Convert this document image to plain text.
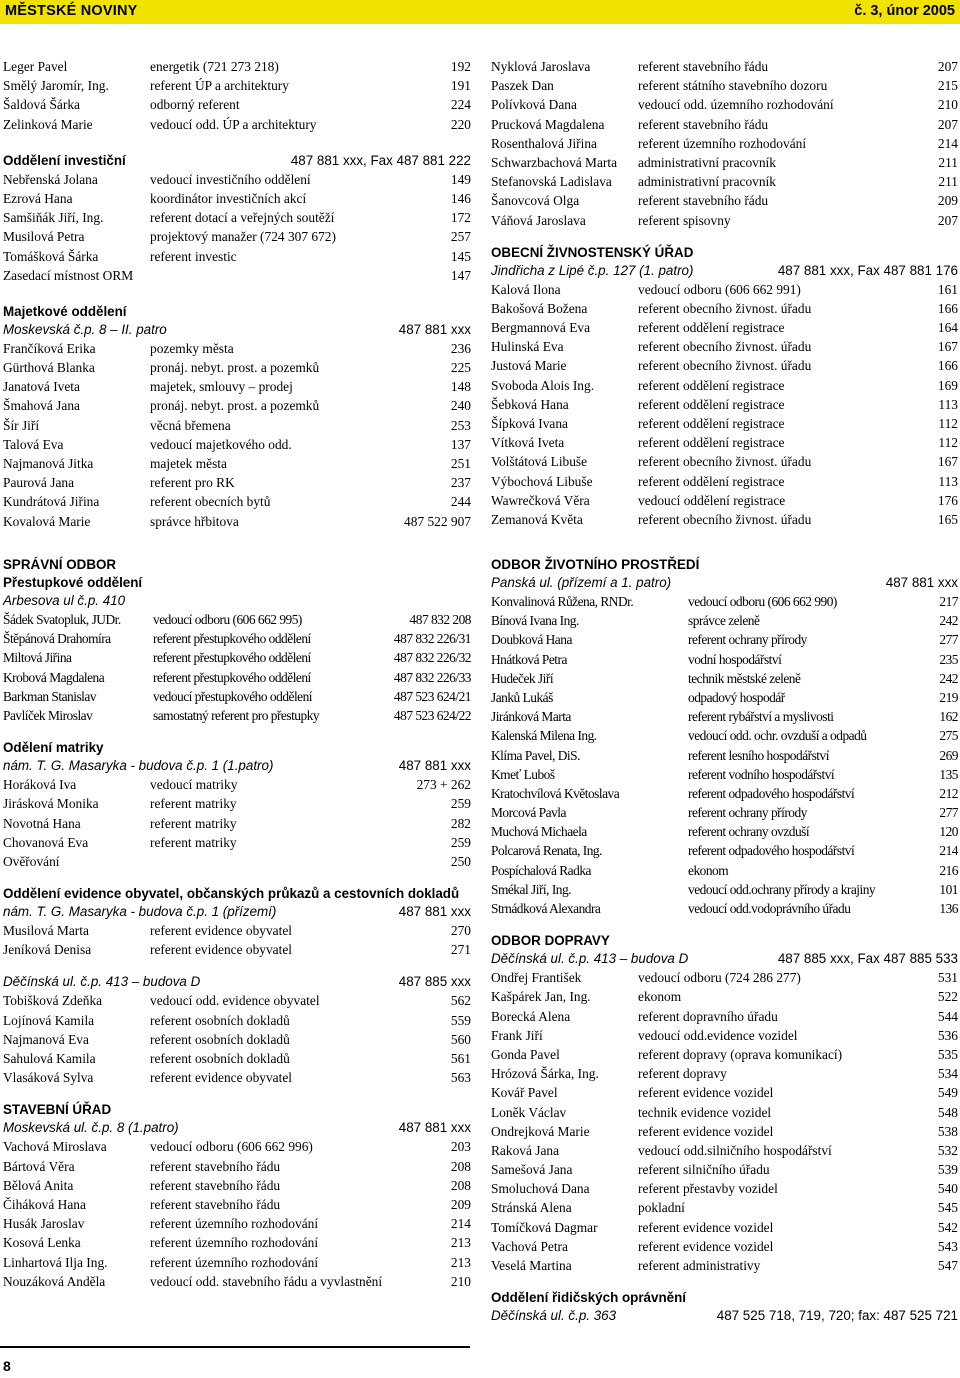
MĚSTSKÉ NOVINY	č. 3, únor 2005
Leger Pavel	energetik (721 273 218)	192
Smělý Jaromír, Ing.	referent ÚP a architektury	191
Šaldová Šárka	odborný referent	224
Zelinková Marie	vedoucí odd. ÚP a architektury	220
Oddělení investiční	487 881 xxx, Fax 487 881 222
Nebřenská Jolana	vedoucí investičního oddělení	149
Ezrová Hana	koordinátor investičních akcí	146
Samšiňák Jiří, Ing.	referent dotací a veřejných soutěží	172
Musilová Petra	projektový manažer (724 307 672)	257
Tomášková Šárka	referent investic	145
Zasedací místnost ORM	147
Majetkové oddělení
Moskevská č.p. 8 – II. patro	487 881 xxx
Frančíková Erika	pozemky města	236
Gürthová Blanka	pronáj. nebyt. prost. a pozemků	225
Janatová Iveta	majetek, smlouvy – prodej	148
Šmahová Jana	pronáj. nebyt. prost. a pozemků	240
Šír Jiří	věcná břemena	253
Talová Eva	vedoucí majetkového odd.	137
Najmanová Jitka	majetek města	251
Paurová Jana	referent pro RK	237
Kundrátová Jiřina	referent obecních bytů	244
Kovalová Marie	správce hřbitova	487 522 907
SPRÁVNÍ ODBOR
Přestupkové oddělení
Arbesova ul č.p. 410
Šádek Svatopluk, JUDr. vedoucí odboru (606 662 995)	487 832 208
Štěpánová Drahomíra	referent přestupkového oddělení	487 832 226/31
Miltová Jiřina	referent přestupkového oddělení	487 832 226/32
Krobová Magdalena	referent přestupkového oddělení	487 832 226/33
Barkman Stanislav	vedoucí přestupkového oddělení	487 523 624/21
Pavlíček Miroslav	samostatný referent pro přestupky	487 523 624/22
Odělení matriky
nám. T. G. Masaryka - budova č.p. 1 (1.patro)	487 881 xxx
Horáková Iva	vedoucí matriky	273 + 262
Jirásková Monika	referent matriky	259
Novotná Hana	referent matriky	282
Chovanová Eva	referent matriky	259
Ověřování	250
Oddělení evidence obyvatel, občanských průkazů a cestovních dokladů
nám. T. G. Masaryka - budova č.p. 1 (přízemí)	487 881 xxx
Musilová Marta	referent evidence obyvatel	270
Jeníková Denisa	referent evidence obyvatel	271
Děčínská ul. č.p. 413 – budova D	487 885 xxx
Tobišková Zdeňka	vedoucí odd. evidence obyvatel	562
Lojínová Kamila	referent osobních dokladů	559
Najmanová Eva	referent osobních dokladů	560
Sahulová Kamila	referent osobních dokladů	561
Vlasáková Sylva	referent evidence obyvatel	563
STAVEBNÍ ÚŘAD
Moskevská ul. č.p. 8 (1.patro)	487 881 xxx
Vachová Miroslava	vedoucí odboru (606 662 996)	203
Bártová Věra	referent stavebního řádu	208
Bělová Anita	referent stavebního řádu	208
Čiháková Hana	referent stavebního řádu	209
Husák Jaroslav	referent územního rozhodování	214
Kosová Lenka	referent územního rozhodování	213
Linhartová Ilja Ing.	referent územního rozhodování	213
Nouzáková Anděla	vedoucí odd. stavebního řádu a vyvlastnění	210
Nyklová Jaroslava	referent stavebního řádu	207
Paszek Dan	referent státního stavebního dozoru	215
Polívková Dana	vedoucí odd. územního rozhodování	210
Prucková Magdalena	referent stavebního řádu	207
Rosenthalová Jiřina	referent územního rozhodování	214
Schwarzbachová Marta administrativní pracovník	211
Stefanovská Ladislava administrativní pracovník	211
Šanovcová Olga	referent stavebního řádu	209
Váňová Jaroslava	referent spisovny	207
OBECNÍ ŽIVNOSTENSKÝ ÚŘAD
Jindřicha z Lipé č.p. 127 (1. patro)	487 881 xxx, Fax 487 881 176
Kalová Ilona	vedoucí odboru (606 662 991)	161
Bakošová Božena	referent obecního živnost. úřadu	166
Bergmannová Eva	referent oddělení registrace	164
Hulinská Eva	referent obecního živnost. úřadu	167
Justová Marie	referent obecního živnost. úřadu	166
Svoboda Alois Ing.	referent oddělení registrace	169
Šebková Hana	referent oddělení registrace	113
Šípková Ivana	referent oddělení registrace	112
Vítková Iveta	referent oddělení registrace	112
Volštátová Libuše	referent obecního živnost. úřadu	167
Výbochová Libuše	referent oddělení registrace	113
Wawrečková Věra	vedoucí oddělení registrace	176
Zemanová Květa	referent obecního živnost. úřadu	165
ODBOR ŽIVOTNÍHO PROSTŘEDÍ
Panská ul. (přízemí a 1. patro)	487 881 xxx
Konvalinová Růžena, RNDr.	vedoucí odboru (606 662 990)	217
Bínová Ivana Ing.	správce zeleně	242
Doubková Hana	referent ochrany přírody	277
Hnátková Petra	vodní hospodářství	235
Hudeček Jiří	technik městské zeleně	242
Janků Lukáš	odpadový hospodář	219
Jiránková Marta	referent rybářství a myslivosti	162
Kalenská Milena Ing.	vedoucí odd. ochr. ovzduší a odpadů	275
Klíma Pavel, DiS.	referent lesního hospodářství	269
Kmeť Luboš	referent vodního hospodářství	135
Kratochvílová Květoslava	referent odpadového hospodářství	212
Morcová Pavla	referent ochrany přírody	277
Muchová Michaela	referent ochrany ovzduší	120
Polcarová Renata, Ing.	referent odpadového hospodářství	214
Pospíchalová Radka	ekonom	216
Smékal Jiří, Ing.	vedoucí odd.ochrany přírody a krajiny	101
Strnádková Alexandra	vedoucí odd.vodoprávního úřadu	136
ODBOR DOPRAVY
Děčínská ul. č.p. 413 – budova D	487 885 xxx, Fax 487 885 533
Ondřej František	vedoucí odboru (724 286 277)	531
Kašpárek Jan, Ing.	ekonom	522
Borecká Alena	referent dopravního úřadu	544
Frank Jiří	vedoucí odd.evidence vozidel	536
Gonda Pavel	referent dopravy (oprava komunikací)	535
Hrózová Šárka, Ing.	referent dopravy	534
Kovář Pavel	referent evidence vozidel	549
Loněk Václav	technik evidence vozidel	548
Ondrejková Marie	referent evidence vozidel	538
Raková Jana	vedoucí odd.silničního hospodářství	532
Samešová Jana	referent silničního úřadu	539
Smoluchová Dana	referent přestavby vozidel	540
Stránská Alena	pokladní	545
Tomíčková Dagmar	referent evidence vozidel	542
Vachová Petra	referent evidence vozidel	543
Veselá Martina	referent administrativy	547
Oddělení řidičských oprávnění
Děčínská ul. č.p. 363	487 525 718, 719, 720; fax: 487 525 721
8
